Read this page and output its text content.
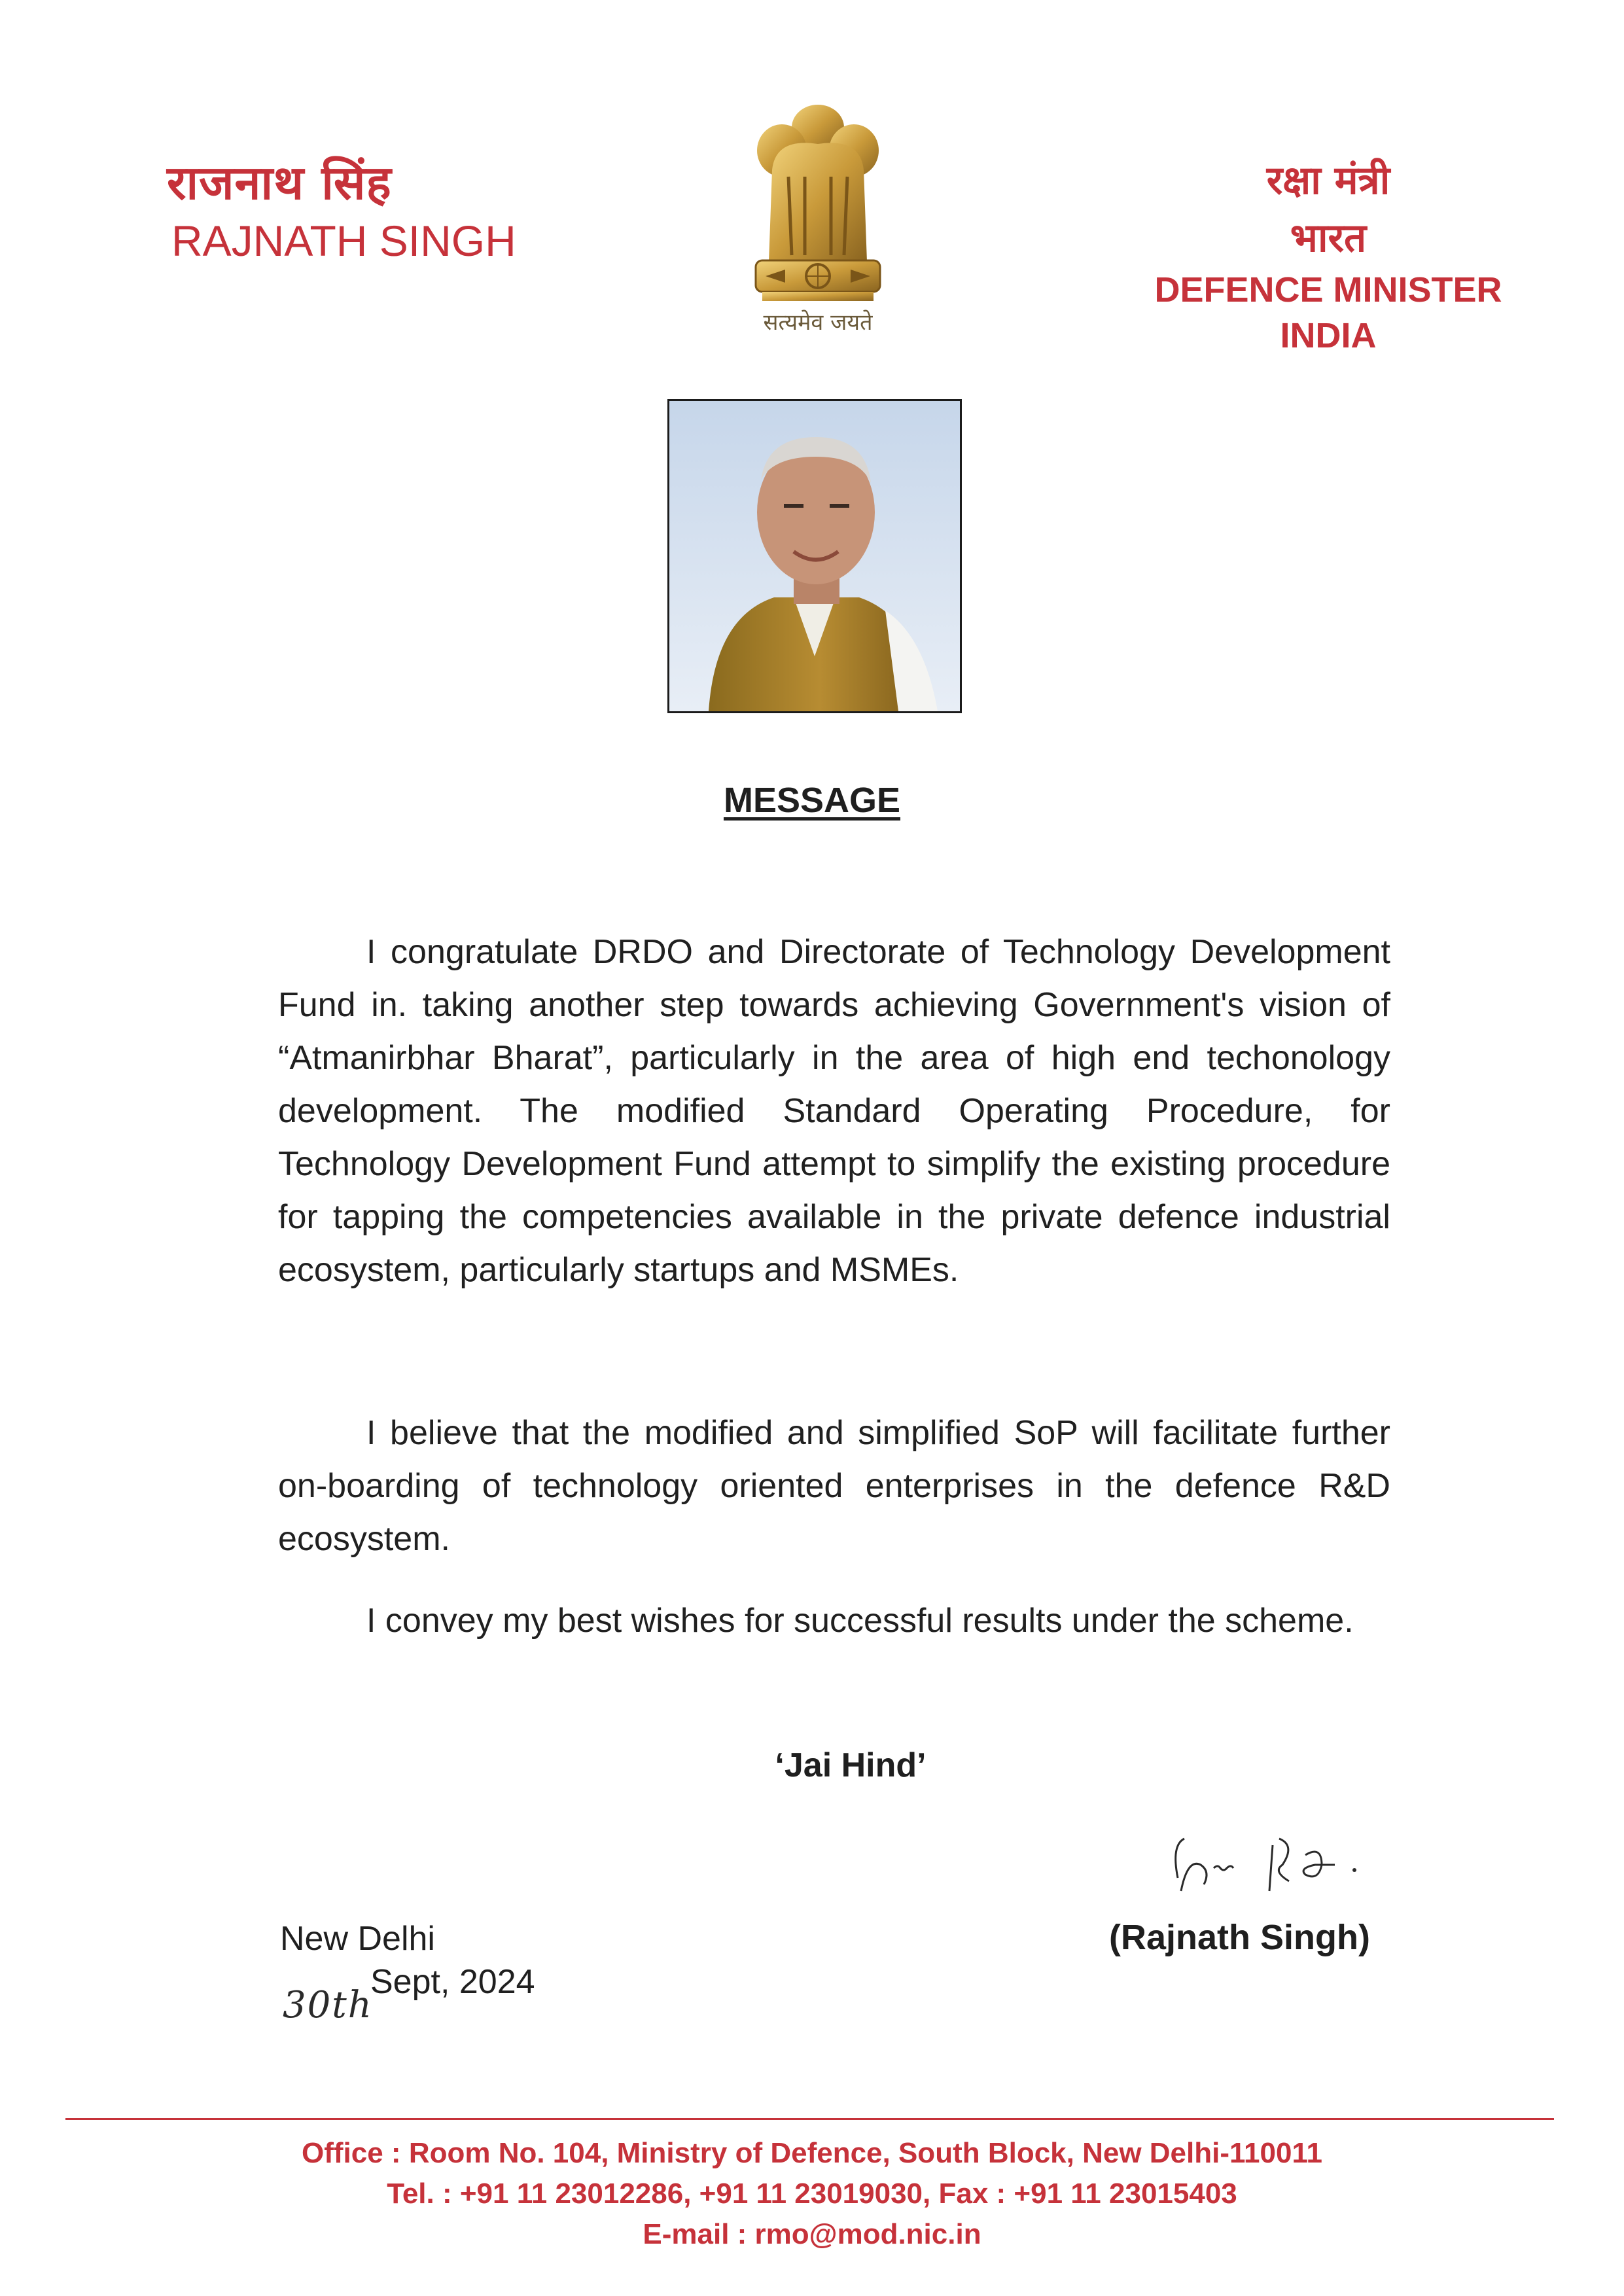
राजनाथ सिंह
RAJNATH SINGH
सत्यमेव जयते
रक्षा मंत्री
भारत
DEFENCE MINISTER
INDIA
MESSAGE
I congratulate DRDO and Directorate of Technology Development Fund in. taking another step towards achieving Government's vision of “Atmanirbhar Bharat”, particularly in the area of high end techonology development. The modified Standard Operating Procedure, for Technology Development Fund attempt to simplify the existing procedure for tapping the competencies available in the private defence industrial ecosystem, particularly startups and MSMEs.
I believe that the modified and simplified SoP will facilitate further on-boarding of technology oriented enterprises in the defence R&D ecosystem.
I convey my best wishes for successful results under the scheme.
‘Jai Hind’
(Rajnath Singh)
New Delhi
30th
Sept, 2024
Office : Room No. 104, Ministry of Defence, South Block, New Delhi-110011
Tel. : +91 11 23012286, +91 11 23019030, Fax : +91 11 23015403
E-mail : rmo@mod.nic.in
